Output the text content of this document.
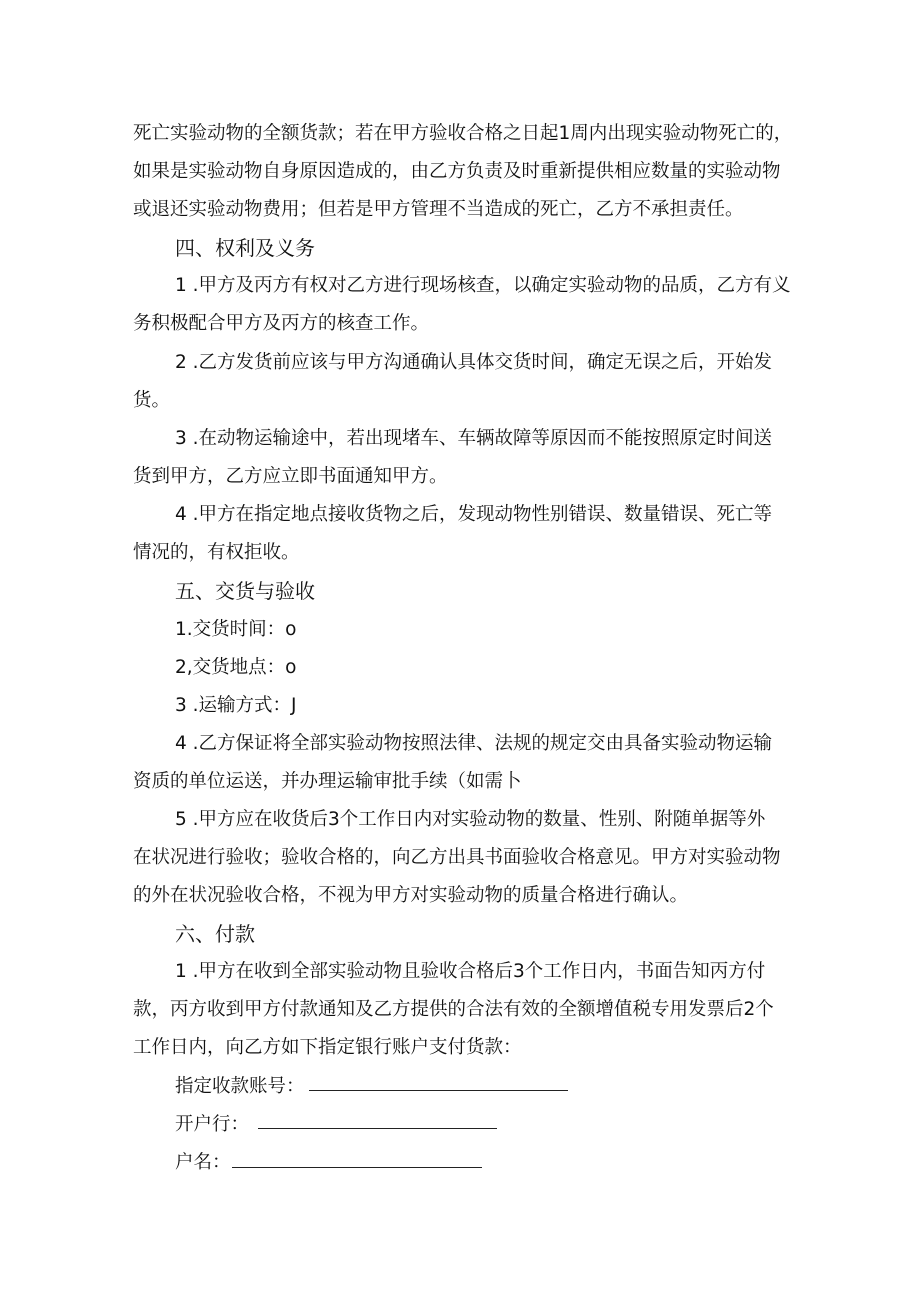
死亡实验动物的全额货款；若在甲方验收合格之日起1周内出现实验动物死亡的，
如果是实验动物自身原因造成的，由乙方负责及时重新提供相应数量的实验动物
或退还实验动物费用；但若是甲方管理不当造成的死亡，乙方不承担责任。
四、权利及义务
1 .甲方及丙方有权对乙方进行现场核查，以确定实验动物的品质，乙方有义
务积极配合甲方及丙方的核查工作。
2 .乙方发货前应该与甲方沟通确认具体交货时间，确定无误之后，开始发
货。
3 .在动物运输途中，若出现堵车、车辆故障等原因而不能按照原定时间送
货到甲方，乙方应立即书面通知甲方。
4 .甲方在指定地点接收货物之后，发现动物性别错误、数量错误、死亡等
情况的，有权拒收。
五、交货与验收
1.交货时间：o
2,交货地点：o
3 .运输方式：J
4 .乙方保证将全部实验动物按照法律、法规的规定交由具备实验动物运输
资质的单位运送，并办理运输审批手续（如需卜
5 .甲方应在收货后3个工作日内对实验动物的数量、性别、附随单据等外
在状况进行验收；验收合格的，向乙方出具书面验收合格意见。甲方对实验动物
的外在状况验收合格，不视为甲方对实验动物的质量合格进行确认。
六、付款
1 .甲方在收到全部实验动物且验收合格后3个工作日内，书面告知丙方付
款，丙方收到甲方付款通知及乙方提供的合法有效的全额增值税专用发票后2个
工作日内，向乙方如下指定银行账户支付货款：
指定收款账号：
开户行：
户名：
